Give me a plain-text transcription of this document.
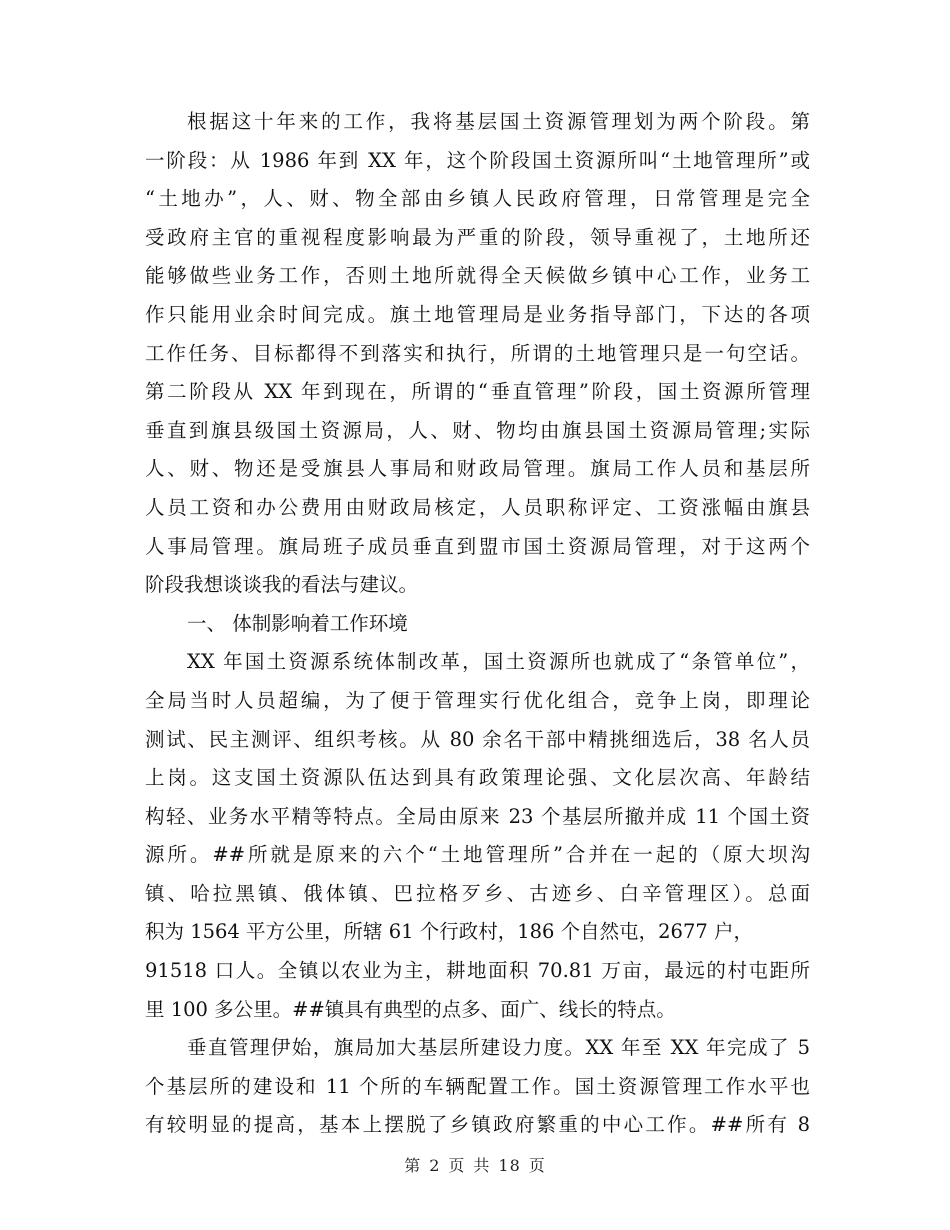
根据这十年来的工作，我将基层国土资源管理划为两个阶段。第
一阶段：从 1986 年到 XX 年，这个阶段国土资源所叫“土地管理所”或
“土地办”，人、财、物全部由乡镇人民政府管理，日常管理是完全
受政府主官的重视程度影响最为严重的阶段，领导重视了，土地所还
能够做些业务工作，否则土地所就得全天候做乡镇中心工作，业务工
作只能用业余时间完成。旗土地管理局是业务指导部门，下达的各项
工作任务、目标都得不到落实和执行，所谓的土地管理只是一句空话。
第二阶段从 XX 年到现在，所谓的“垂直管理”阶段，国土资源所管理
垂直到旗县级国土资源局，人、财、物均由旗县国土资源局管理;实际
人、财、物还是受旗县人事局和财政局管理。旗局工作人员和基层所
人员工资和办公费用由财政局核定，人员职称评定、工资涨幅由旗县
人事局管理。旗局班子成员垂直到盟市国土资源局管理，对于这两个
阶段我想谈谈我的看法与建议。
一、 体制影响着工作环境
XX 年国土资源系统体制改革，国土资源所也就成了“条管单位”，
全局当时人员超编，为了便于管理实行优化组合，竞争上岗，即理论
测试、民主测评、组织考核。从 80 余名干部中精挑细选后，38 名人员
上岗。这支国土资源队伍达到具有政策理论强、文化层次高、年龄结
构轻、业务水平精等特点。全局由原来 23 个基层所撤并成 11 个国土资
源所。##所就是原来的六个“土地管理所”合并在一起的（原大坝沟
镇、哈拉黑镇、俄体镇、巴拉格歹乡、古迹乡、白辛管理区）。总面
积为 1564 平方公里，所辖 61 个行政村，186 个自然屯，2677 户，
91518 口人。全镇以农业为主，耕地面积 70.81 万亩，最远的村屯距所
里 100 多公里。##镇具有典型的点多、面广、线长的特点。
垂直管理伊始，旗局加大基层所建设力度。XX 年至 XX 年完成了 5
个基层所的建设和 11 个所的车辆配置工作。国土资源管理工作水平也
有较明显的提高，基本上摆脱了乡镇政府繁重的中心工作。##所有 8
第 2 页 共 18 页
